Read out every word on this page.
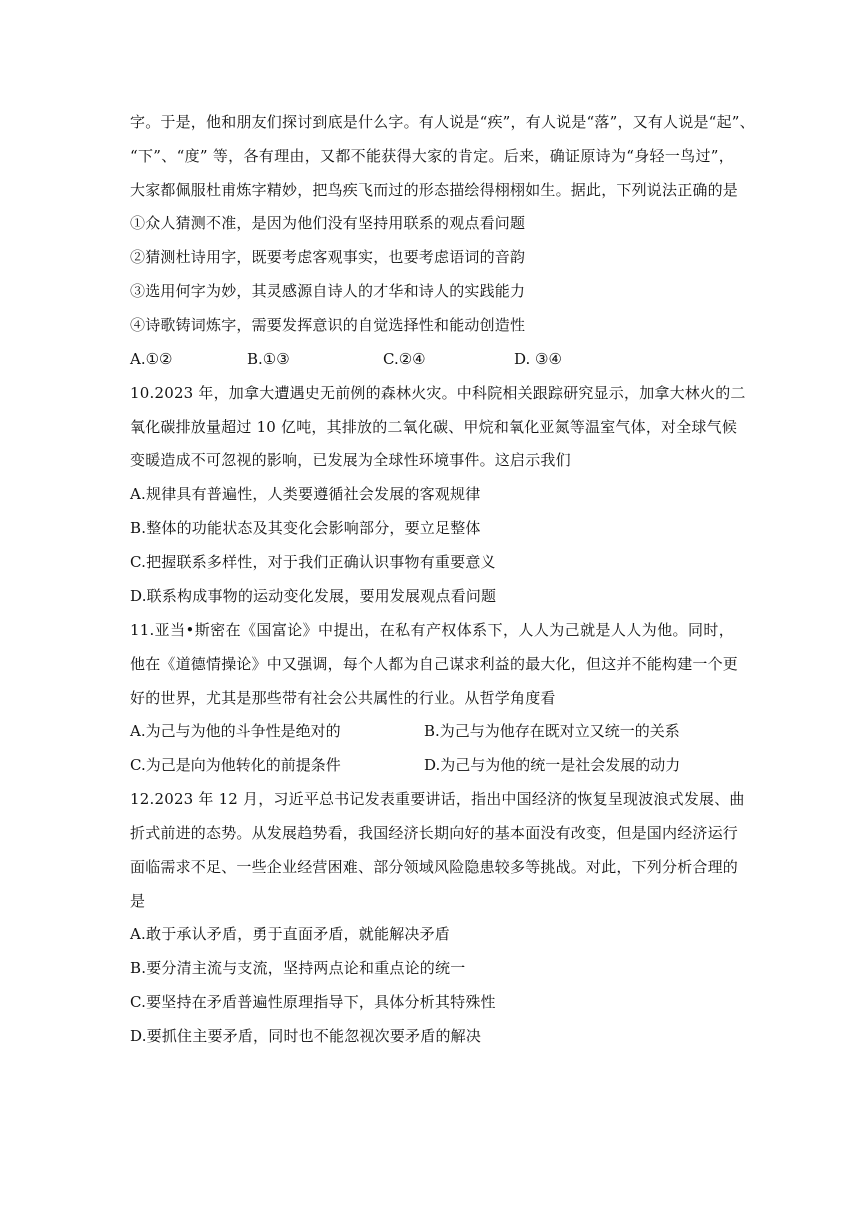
字。于是，他和朋友们探讨到底是什么字。有人说是“疾”，有人说是“落”，又有人说是“起”、
“下”、“度” 等，各有理由，又都不能获得大家的肯定。后来，确证原诗为“身轻一鸟过”，
大家都佩服杜甫炼字精妙，把鸟疾飞而过的形态描绘得栩栩如生。据此，下列说法正确的是
①众人猜测不准，是因为他们没有坚持用联系的观点看问题
②猜测杜诗用字，既要考虑客观事实，也要考虑语词的音韵
③选用何字为妙，其灵感源自诗人的才华和诗人的实践能力
④诗歌铸词炼字，需要发挥意识的自觉选择性和能动创造性
A.①②	B.①③	C.②④	D. ③④
10.2023 年，加拿大遭遇史无前例的森林火灾。中科院相关跟踪研究显示，加拿大林火的二
氧化碳排放量超过 10 亿吨，其排放的二氧化碳、甲烷和氧化亚氮等温室气体，对全球气候
变暖造成不可忽视的影响，已发展为全球性环境事件。这启示我们
A.规律具有普遍性，人类要遵循社会发展的客观规律
B.整体的功能状态及其变化会影响部分，要立足整体
C.把握联系多样性，对于我们正确认识事物有重要意义
D.联系构成事物的运动变化发展，要用发展观点看问题
11.亚当•斯密在《国富论》中提出，在私有产权体系下，人人为己就是人人为他。同时，
他在《道德情操论》中又强调，每个人都为自己谋求利益的最大化，但这并不能构建一个更
好的世界，尤其是那些带有社会公共属性的行业。从哲学角度看
A.为己与为他的斗争性是绝对的	B.为己与为他存在既对立又统一的关系
C.为己是向为他转化的前提条件	D.为己与为他的统一是社会发展的动力
12.2023 年 12 月，习近平总书记发表重要讲话，指出中国经济的恢复呈现波浪式发展、曲
折式前进的态势。从发展趋势看，我国经济长期向好的基本面没有改变，但是国内经济运行
面临需求不足、一些企业经营困难、部分领域风险隐患较多等挑战。对此，下列分析合理的
是
A.敢于承认矛盾，勇于直面矛盾，就能解决矛盾
B.要分清主流与支流，坚持两点论和重点论的统一
C.要坚持在矛盾普遍性原理指导下，具体分析其特殊性
D.要抓住主要矛盾，同时也不能忽视次要矛盾的解决
